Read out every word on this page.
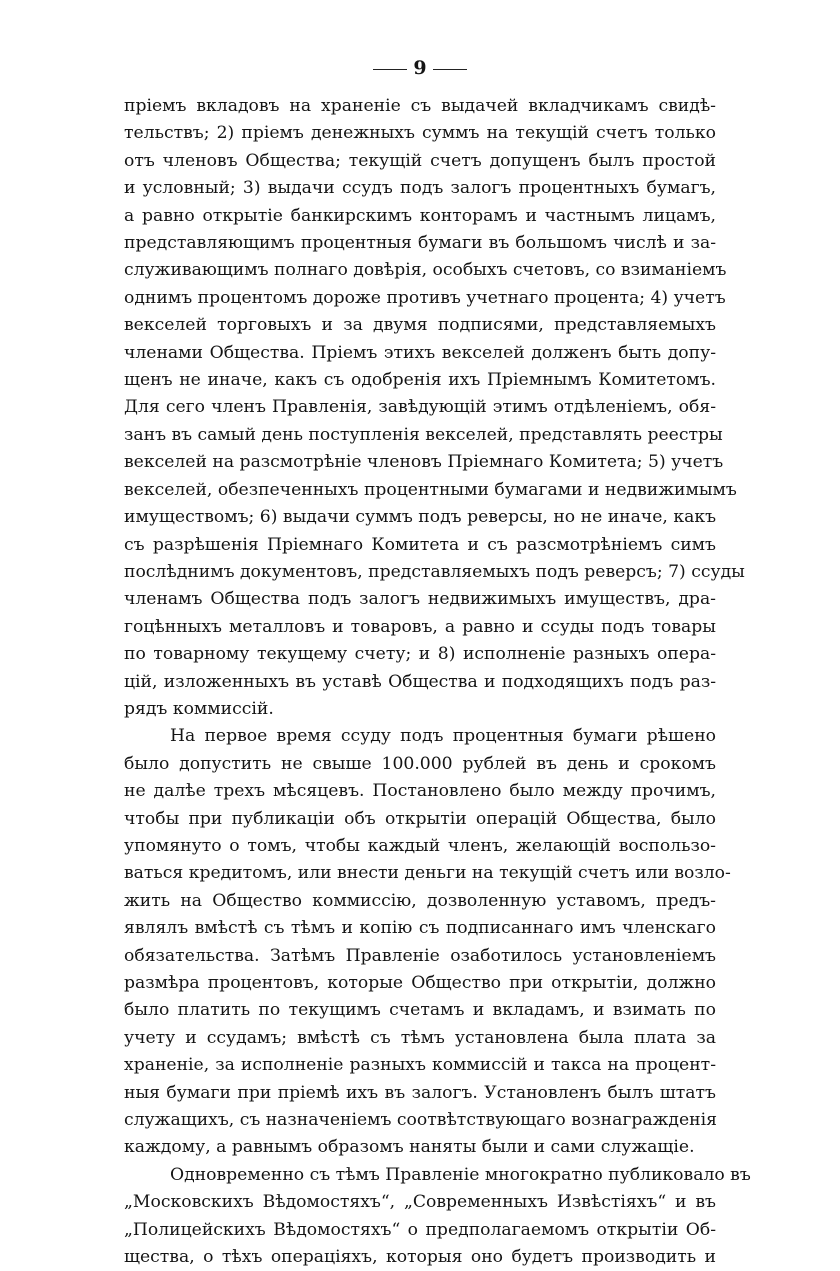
9
пріемъ вкладовъ на храненіе съ выдачей вкладчикамъ свидѣ-
тельствъ; 2) пріемъ денежныхъ суммъ на текущій счетъ только
отъ членовъ Общества; текущій счетъ допущенъ былъ простой
и условный; 3) выдачи ссудъ подъ залогъ процентныхъ бумагъ,
а равно открытіе банкирскимъ конторамъ и частнымъ лицамъ,
представляющимъ процентныя бумаги въ большомъ числѣ и за-
служивающимъ полнаго довѣрія, особыхъ счетовъ, со взиманіемъ
однимъ процентомъ дороже противъ учетнаго процента; 4) учетъ
векселей торговыхъ и за двумя подписями, представляемыхъ
членами Общества. Пріемъ этихъ векселей долженъ быть допу-
щенъ не иначе, какъ съ одобренія ихъ Пріемнымъ Комитетомъ.
Для сего членъ Правленія, завѣдующій этимъ отдѣленіемъ, обя-
занъ въ самый день поступленія векселей, представлять реестры
векселей на разсмотрѣніе членовъ Пріемнаго Комитета; 5) учетъ
векселей, обезпеченныхъ процентными бумагами и недвижимымъ
имуществомъ; 6) выдачи суммъ подъ реверсы, но не иначе, какъ
съ разрѣшенія Пріемнаго Комитета и съ разсмотрѣніемъ симъ
послѣднимъ документовъ, представляемыхъ подъ реверсъ; 7) ссуды
членамъ Общества подъ залогъ недвижимыхъ имуществъ, дра-
гоцѣнныхъ металловъ и товаровъ, а равно и ссуды подъ товары
по товарному текущему счету; и 8) исполненіе разныхъ опера-
цій, изложенныхъ въ уставѣ Общества и подходящихъ подъ раз-
рядъ коммиссій.
На первое время ссуду подъ процентныя бумаги рѣшено
было допустить не свыше 100.000 рублей въ день и срокомъ
не далѣе трехъ мѣсяцевъ. Постановлено было между прочимъ,
чтобы при публикаціи объ открытіи операцій Общества, было
упомянуто о томъ, чтобы каждый членъ, желающій воспользо-
ваться кредитомъ, или внести деньги на текущій счетъ или возло-
жить на Общество коммиссію, дозволенную уставомъ, предъ-
являлъ вмѣстѣ съ тѣмъ и копію съ подписаннаго имъ членскаго
обязательства. Затѣмъ Правленіе озаботилось установленіемъ
размѣра процентовъ, которые Общество при открытіи, должно
было платить по текущимъ счетамъ и вкладамъ, и взимать по
учету и ссудамъ; вмѣстѣ съ тѣмъ установлена была плата за
храненіе, за исполненіе разныхъ коммиссій и такса на процент-
ныя бумаги при пріемѣ ихъ въ залогъ. Установленъ былъ штатъ
служащихъ, съ назначеніемъ соотвѣтствующаго вознагражденія
каждому, а равнымъ образомъ наняты были и сами служащіе.
Одновременно съ тѣмъ Правленіе многократно публиковало въ
„Московскихъ Вѣдомостяхъ“, „Современныхъ Извѣстіяхъ“ и въ
„Полицейскихъ Вѣдомостяхъ“ о предполагаемомъ открытіи Об-
щества, о тѣхъ операціяхъ, которыя оно будетъ производить и
